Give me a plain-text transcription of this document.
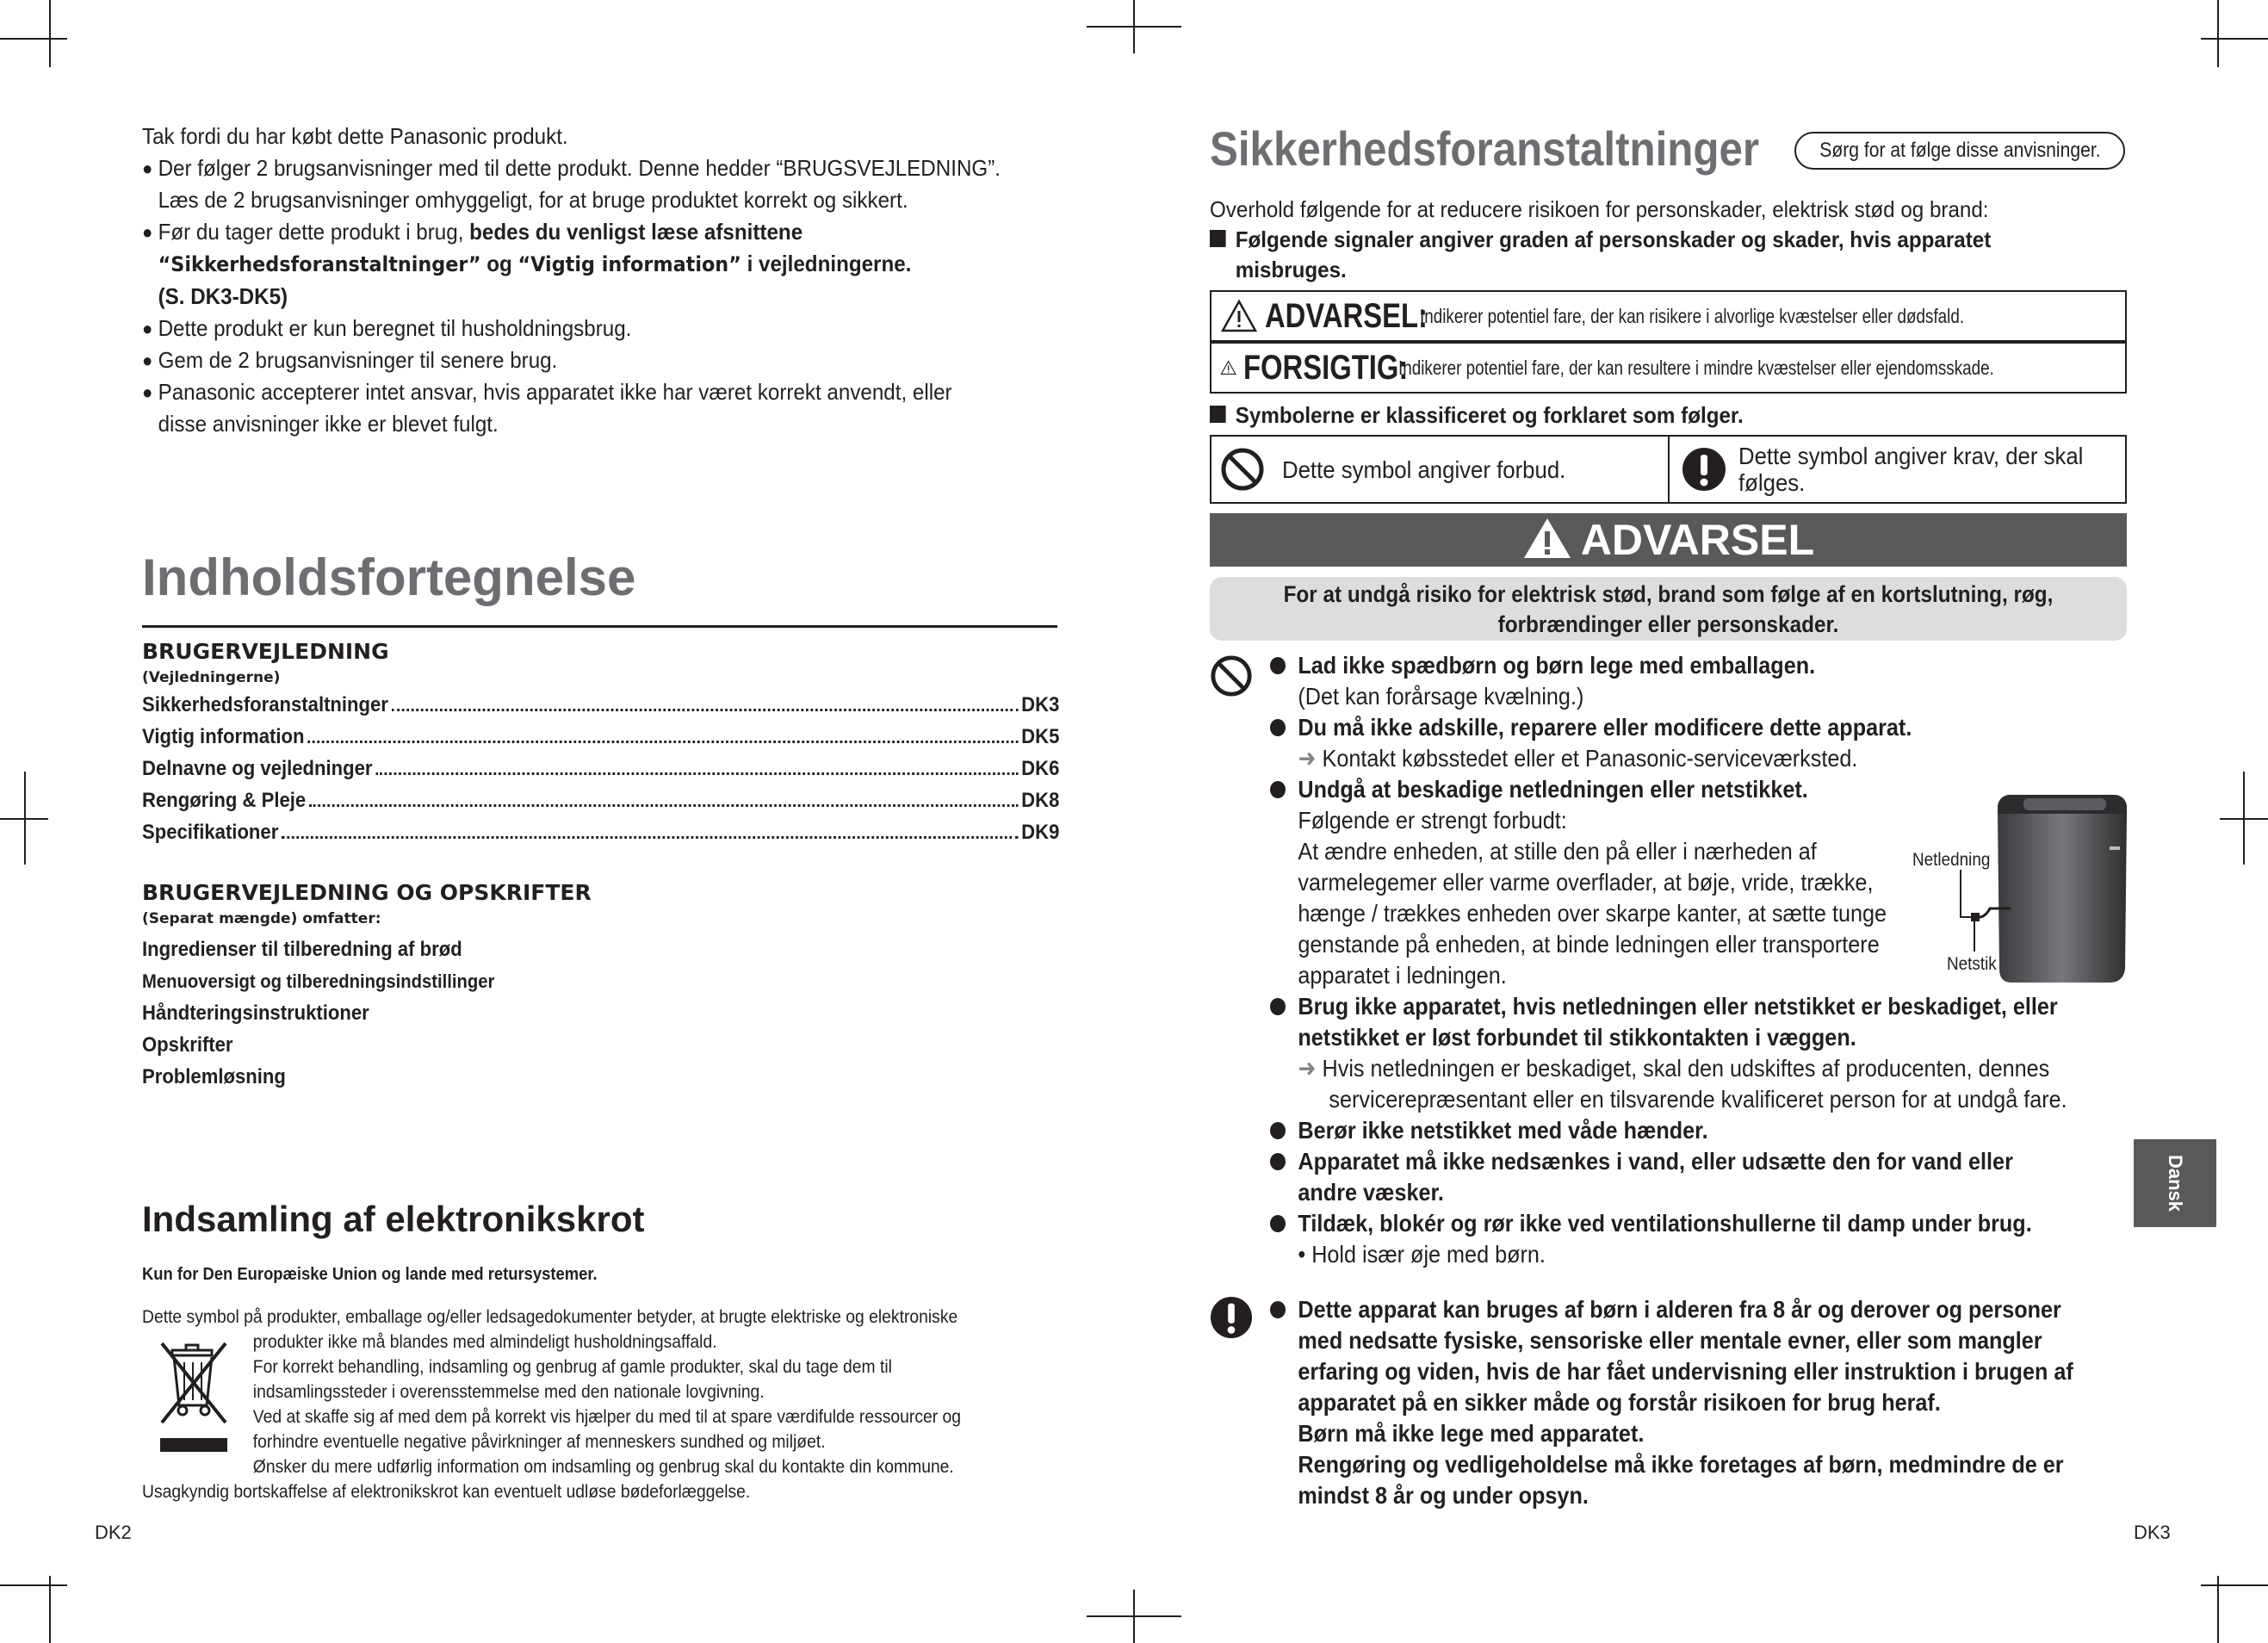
Tak fordi du har købt dette Panasonic produkt.

● Der følger 2 brugsanvisninger med til dette produkt. Denne hedder “BRUGSVEJLEDNING”.
Læs de 2 brugsanvisninger omhyggeligt, for at bruge produktet korrekt og sikkert.
● Før du tager dette produkt i brug, bedes du venligst læse afsnittene
“Sikkerhedsforanstaltninger” og “Vigtig information” i vejledningerne.
(S. DK3-DK5)
● Dette produkt er kun beregnet til husholdningsbrug.
● Gem de 2 brugsanvisninger til senere brug.
● Panasonic accepterer intet ansvar, hvis apparatet ikke har været korrekt anvendt, eller
disse anvisninger ikke er blevet fulgt.
Indholdsfortegnelse
BRUGERVEJLEDNING
(Vejledningerne)
Sikkerhedsforanstaltninger	DK3
Vigtig information	DK5
Delnavne og vejledninger	DK6
Rengøring & Pleje	DK8
Specifikationer	DK9
BRUGERVEJLEDNING OG OPSKRIFTER
(Separat mængde) omfatter:
Ingredienser til tilberedning af brød
Menuoversigt og tilberedningsindstillinger
Håndteringsinstruktioner
Opskrifter
Problemløsning
Indsamling af elektronikskrot
Kun for Den Europæiske Union og lande med retursystemer.
Dette symbol på produkter, emballage og/eller ledsagedokumenter betyder, at brugte elektriske og elektroniske
produkter ikke må blandes med almindeligt husholdningsaffald.
For korrekt behandling, indsamling og genbrug af gamle produkter, skal du tage dem til
indsamlingssteder i overensstemmelse med den nationale lovgivning.
Ved at skaffe sig af med dem på korrekt vis hjælper du med til at spare værdifulde ressourcer og
forhindre eventuelle negative påvirkninger af menneskers sundhed og miljøet.
Ønsker du mere udførlig information om indsamling og genbrug skal du kontakte din kommune.
Usagkyndig bortskaffelse af elektronikskrot kan eventuelt udløse bødeforlæggelse.
DK2
Sikkerhedsforanstaltninger	Sørg for at følge disse anvisninger.
Overhold følgende for at reducere risikoen for personskader, elektrisk stød og brand:
Følgende signaler angiver graden af personskader og skader, hvis apparatet
misbruges.
ADVARSEL:
Indikerer potentiel fare, der kan risikere i alvorlige kvæstelser eller dødsfald.
FORSIGTIG:
Indikerer potentiel fare, der kan resultere i mindre kvæstelser eller ejendomsskade.
Symbolerne er klassificeret og forklaret som følger.
Dette symbol angiver forbud.	Dette symbol angiver krav, der skal
følges.
ADVARSEL
For at undgå risiko for elektrisk stød, brand som følge af en kortslutning, røg,
forbrændinger eller personskader.
Lad ikke spædbørn og børn lege med emballagen.
(Det kan forårsage kvælning.)
Du må ikke adskille, reparere eller modificere dette apparat.
➜ Kontakt købsstedet eller et Panasonic-serviceværksted.
Undgå at beskadige netledningen eller netstikket.
Følgende er strengt forbudt:
At ændre enheden, at stille den på eller i nærheden af
varmelegemer eller varme overflader, at bøje, vride, trække,
hænge / trækkes enheden over skarpe kanter, at sætte tunge
genstande på enheden, at binde ledningen eller transportere
apparatet i ledningen.
Brug ikke apparatet, hvis netledningen eller netstikket er beskadiget, eller
netstikket er løst forbundet til stikkontakten i væggen.
➜ Hvis netledningen er beskadiget, skal den udskiftes af producenten, dennes
servicerepræsentant eller en tilsvarende kvalificeret person for at undgå fare.
Berør ikke netstikket med våde hænder.
Apparatet må ikke nedsænkes i vand, eller udsætte den for vand eller
andre væsker.
Tildæk, blokér og rør ikke ved ventilationshullerne til damp under brug.
• Hold især øje med børn.
Dette apparat kan bruges af børn i alderen fra 8 år og derover og personer
med nedsatte fysiske, sensoriske eller mentale evner, eller som mangler
erfaring og viden, hvis de har fået undervisning eller instruktion i brugen af
apparatet på en sikker måde og forstår risikoen for brug heraf.
Børn må ikke lege med apparatet.
Rengøring og vedligeholdelse må ikke foretages af børn, medmindre de er
mindst 8 år og under opsyn.
Netledning
Netstik
Dansk
DK3
